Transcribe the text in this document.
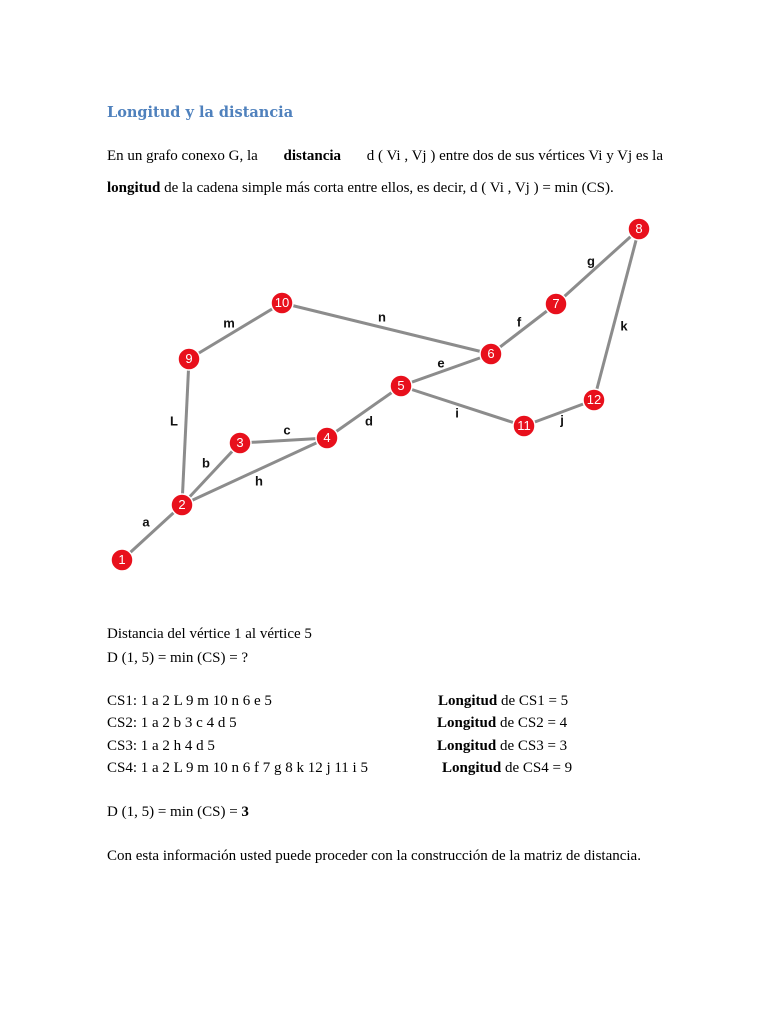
Longitud y la distancia
En un grafo conexo G, la distancia d ( Vi , Vj ) entre dos de sus vértices Vi y Vj es la
longitud de la cadena simple más corta entre ellos, es decir, d ( Vi , Vj ) = min (CS).
a
b
c
d
e
f
g
h
i	j
k
L
m	n
1
2
3	4
5
6
7
8
9
10
11
12
Distancia del vértice 1 al vértice 5
D (1, 5) = min (CS) = ?
CS1: 1 a 2 L 9 m 10 n 6 e 5	Longitud de CS1 = 5
CS2: 1 a 2 b 3 c 4 d 5	Longitud de CS2 = 4
CS3: 1 a 2 h 4 d 5	Longitud de CS3 = 3
CS4: 1 a 2 L 9 m 10 n 6 f 7 g 8 k 12 j 11 i 5	Longitud de CS4 = 9
D (1, 5) = min (CS) = 3
Con esta información usted puede proceder con la construcción de la matriz de distancia.
